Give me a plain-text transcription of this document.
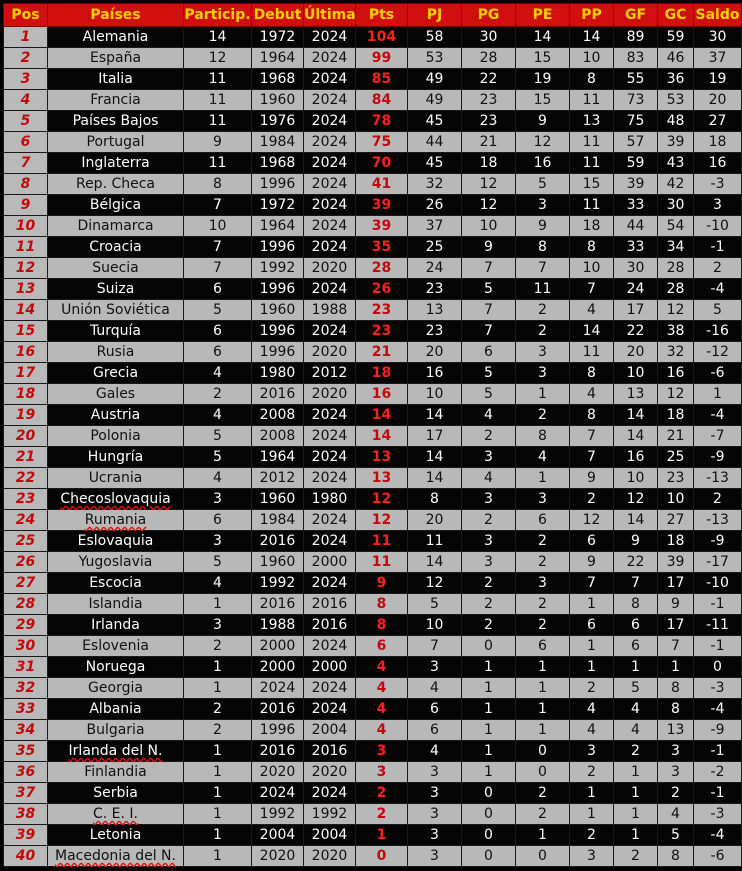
Pos	Países	Particip.	Debut	Última	Pts	PJ	PG	PE	PP	GF	GC	Saldo
1	Alemania	14	1972	2024	104	58	30	14	14	89	59	30
2	España	12	1964	2024	99	53	28	15	10	83	46	37
3	Italia	11	1968	2024	85	49	22	19	8	55	36	19
4	Francia	11	1960	2024	84	49	23	15	11	73	53	20
5	Países Bajos	11	1976	2024	78	45	23	9	13	75	48	27
6	Portugal	9	1984	2024	75	44	21	12	11	57	39	18
7	Inglaterra	11	1968	2024	70	45	18	16	11	59	43	16
8	Rep. Checa	8	1996	2024	41	32	12	5	15	39	42	-3
9	Bélgica	7	1972	2024	39	26	12	3	11	33	30	3
10	Dinamarca	10	1964	2024	39	37	10	9	18	44	54	-10
11	Croacia	7	1996	2024	35	25	9	8	8	33	34	-1
12	Suecia	7	1992	2020	28	24	7	7	10	30	28	2
13	Suiza	6	1996	2024	26	23	5	11	7	24	28	-4
14	Unión Soviética	5	1960	1988	23	13	7	2	4	17	12	5
15	Turquía	6	1996	2024	23	23	7	2	14	22	38	-16
16	Rusia	6	1996	2020	21	20	6	3	11	20	32	-12
17	Grecia	4	1980	2012	18	16	5	3	8	10	16	-6
18	Gales	2	2016	2020	16	10	5	1	4	13	12	1
19	Austria	4	2008	2024	14	14	4	2	8	14	18	-4
20	Polonia	5	2008	2024	14	17	2	8	7	14	21	-7
21	Hungría	5	1964	2024	13	14	3	4	7	16	25	-9
22	Ucrania	4	2012	2024	13	14	4	1	9	10	23	-13
23	Checoslovaquia	3	1960	1980	12	8	3	3	2	12	10	2
24	Rumania	6	1984	2024	12	20	2	6	12	14	27	-13
25	Eslovaquia	3	2016	2024	11	11	3	2	6	9	18	-9
26	Yugoslavia	5	1960	2000	11	14	3	2	9	22	39	-17
27	Escocia	4	1992	2024	9	12	2	3	7	7	17	-10
28	Islandia	1	2016	2016	8	5	2	2	1	8	9	-1
29	Irlanda	3	1988	2016	8	10	2	2	6	6	17	-11
30	Eslovenia	2	2000	2024	6	7	0	6	1	6	7	-1
31	Noruega	1	2000	2000	4	3	1	1	1	1	1	0
32	Georgia	1	2024	2024	4	4	1	1	2	5	8	-3
33	Albania	2	2016	2024	4	6	1	1	4	4	8	-4
34	Bulgaria	2	1996	2004	4	6	1	1	4	4	13	-9
35	Irlanda del N.	1	2016	2016	3	4	1	0	3	2	3	-1
36	Finlandia	1	2020	2020	3	3	1	0	2	1	3	-2
37	Serbia	1	2024	2024	2	3	0	2	1	1	2	-1
38	C. E. I.	1	1992	1992	2	3	0	2	1	1	4	-3
39	Letonia	1	2004	2004	1	3	0	1	2	1	5	-4
40	Macedonia del N.	1	2020	2020	0	3	0	0	3	2	8	-6
